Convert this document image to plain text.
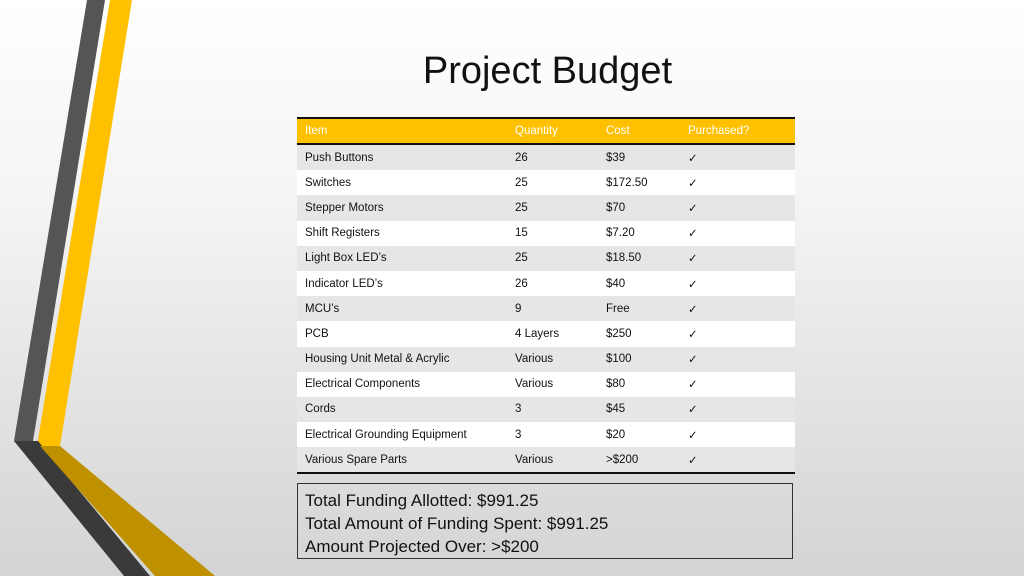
Project Budget
Item	Quantity	Cost	Purchased?
Push Buttons	26	$39	✓
Switches	25	$172.50	✓
Stepper Motors	25	$70	✓
Shift Registers	15	$7.20	✓
Light Box LED’s	25	$18.50	✓
Indicator LED’s	26	$40	✓
MCU’s	9	Free	✓
PCB	4 Layers	$250	✓
Housing Unit Metal & Acrylic	Various	$100	✓
Electrical Components	Various	$80	✓
Cords	3	$45	✓
Electrical Grounding Equipment	3	$20	✓
Various Spare Parts	Various	>$200	✓
Total Funding Allotted: $991.25
Total Amount of Funding Spent: $991.25
Amount Projected Over: >$200
